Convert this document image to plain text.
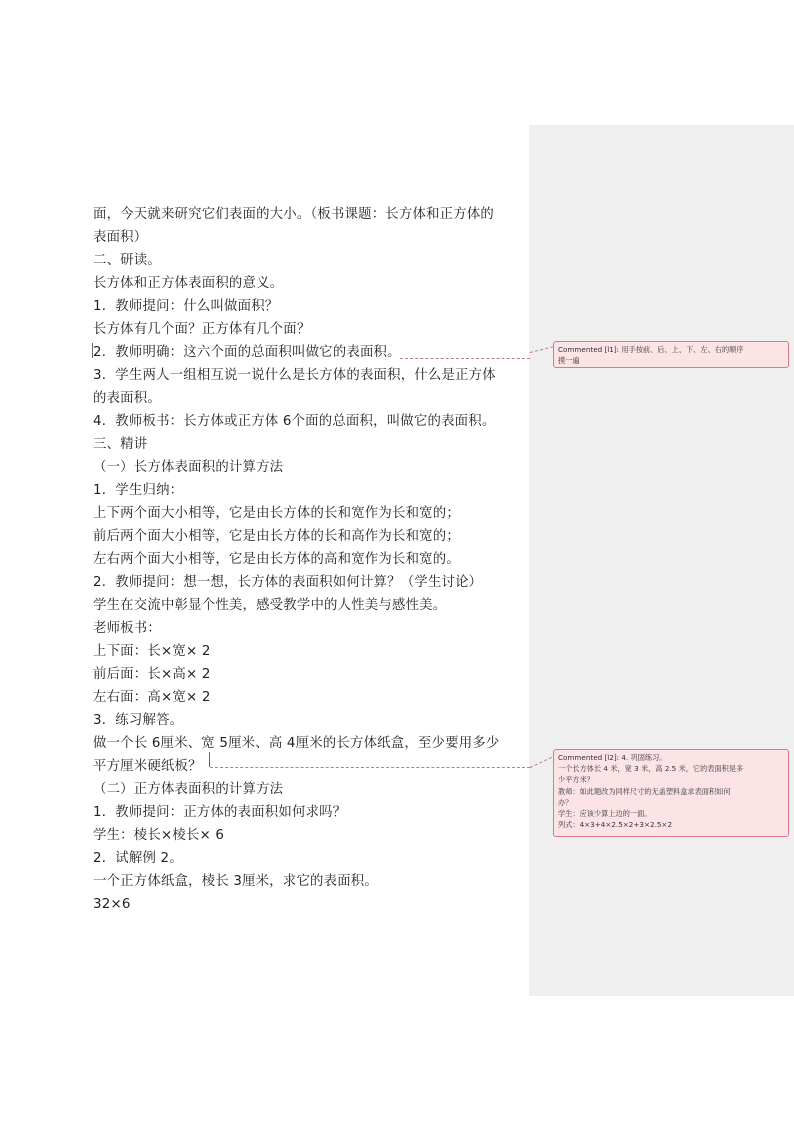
面，今天就来研究它们表面的大小。（板书课题：长方体和正方体的
表面积）
二、研读。
长方体和正方体表面积的意义。
1．教师提问：什么叫做面积？
长方体有几个面？正方体有几个面？
2．教师明确：这六个面的总面积叫做它的表面积。
3．学生两人一组相互说一说什么是长方体的表面积，什么是正方体
的表面积。
4．教师板书：长方体或正方体 6个面的总面积，叫做它的表面积。
三、精讲
（一）长方体表面积的计算方法
1．学生归纳：
上下两个面大小相等，它是由长方体的长和宽作为长和宽的；
前后两个面大小相等，它是由长方体的长和高作为长和宽的；
左右两个面大小相等，它是由长方体的高和宽作为长和宽的。
2．教师提问：想一想，长方体的表面积如何计算？（学生讨论）
学生在交流中彰显个性美，感受教学中的人性美与感性美。
老师板书：
上下面：长×宽× 2
前后面：长×高× 2
左右面：高×宽× 2
3．练习解答。
做一个长 6厘米、宽 5厘米、高 4厘米的长方体纸盒，至少要用多少
平方厘米硬纸板？
（二）正方体表面积的计算方法
1．教师提问：正方体的表面积如何求吗？
学生：棱长×棱长× 6
2．试解例 2。
一个正方体纸盒，棱长 3厘米，求它的表面积。
32×6
Commented [l1]: 用手按前、后、上、下、左、右的顺序
摸一遍
Commented [l2]: 4. 巩固练习。
一个长方体长 4 米，宽 3 米，高 2.5 米，它的表面积是多
少平方米？
教师：如此题改为同样尺寸的无盖塑料盒求表面积如何
办？
学生：应该少算上边的一面。
列式：4×3+4×2.5×2+3×2.5×2
